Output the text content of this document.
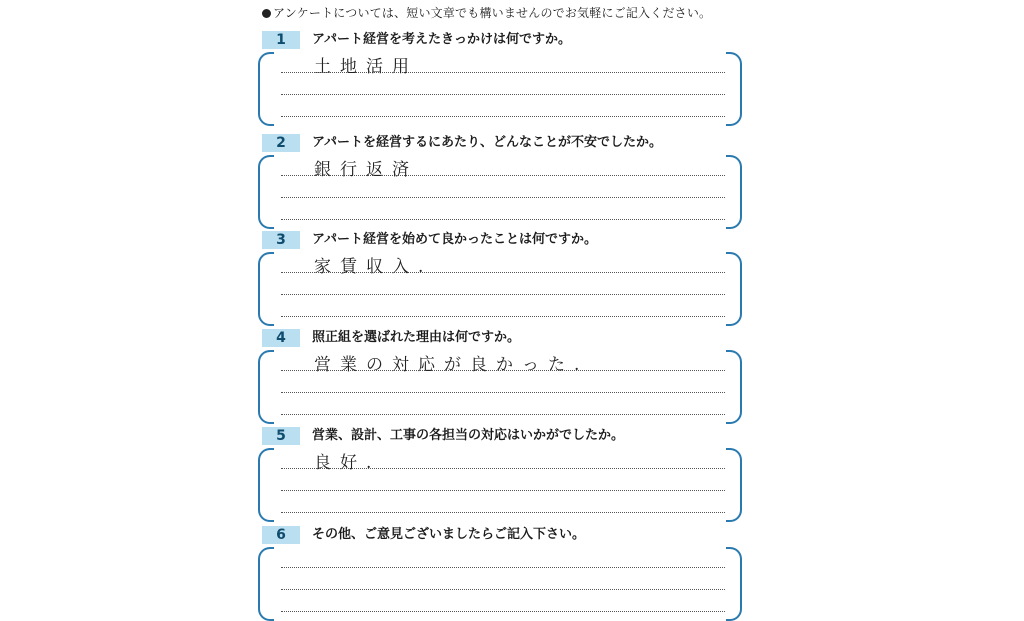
アンケートについては、短い文章でも構いませんのでお気軽にご記入ください。
1	アパート経営を考えたきっかけは何ですか。
土地活用
2	アパートを経営するにあたり、どんなことが不安でしたか。
銀行返済
3	アパート経営を始めて良かったことは何ですか。
家賃収入.
4	照正組を選ばれた理由は何ですか。
営業の対応が良かった.
5	営業、設計、工事の各担当の対応はいかがでしたか。
良好.
6	その他、ご意見ございましたらご記入下さい。
